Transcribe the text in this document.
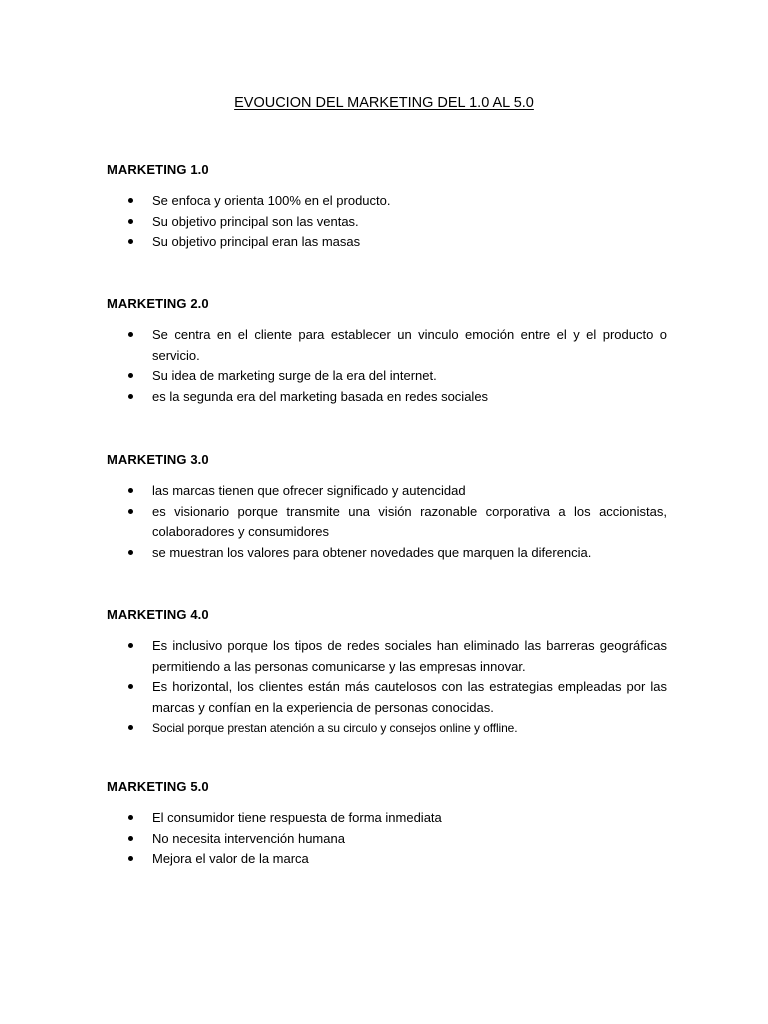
EVOUCION DEL MARKETING DEL 1.0 AL 5.0
MARKETING 1.0
Se enfoca y orienta 100% en el producto.
Su objetivo principal son las ventas.
Su objetivo principal eran las masas
MARKETING 2.0
Se centra en el cliente para establecer un vinculo emoción entre el y el producto o servicio.
Su idea de marketing surge de la era del internet.
es la segunda era del marketing basada en redes sociales
MARKETING 3.0
las marcas tienen que ofrecer significado y autencidad
es visionario porque transmite una visión razonable corporativa a los accionistas, colaboradores y consumidores
se muestran los valores para obtener novedades que marquen la diferencia.
MARKETING 4.0
Es inclusivo porque los tipos de redes sociales han eliminado las barreras geográficas permitiendo a las personas comunicarse y las empresas innovar.
Es horizontal, los clientes están más cautelosos con las estrategias empleadas por las marcas y confían en la experiencia de personas conocidas.
Social porque prestan atención a su circulo y consejos online y offline.
MARKETING 5.0
El consumidor tiene respuesta de forma inmediata
No necesita intervención humana
Mejora el valor de la marca
